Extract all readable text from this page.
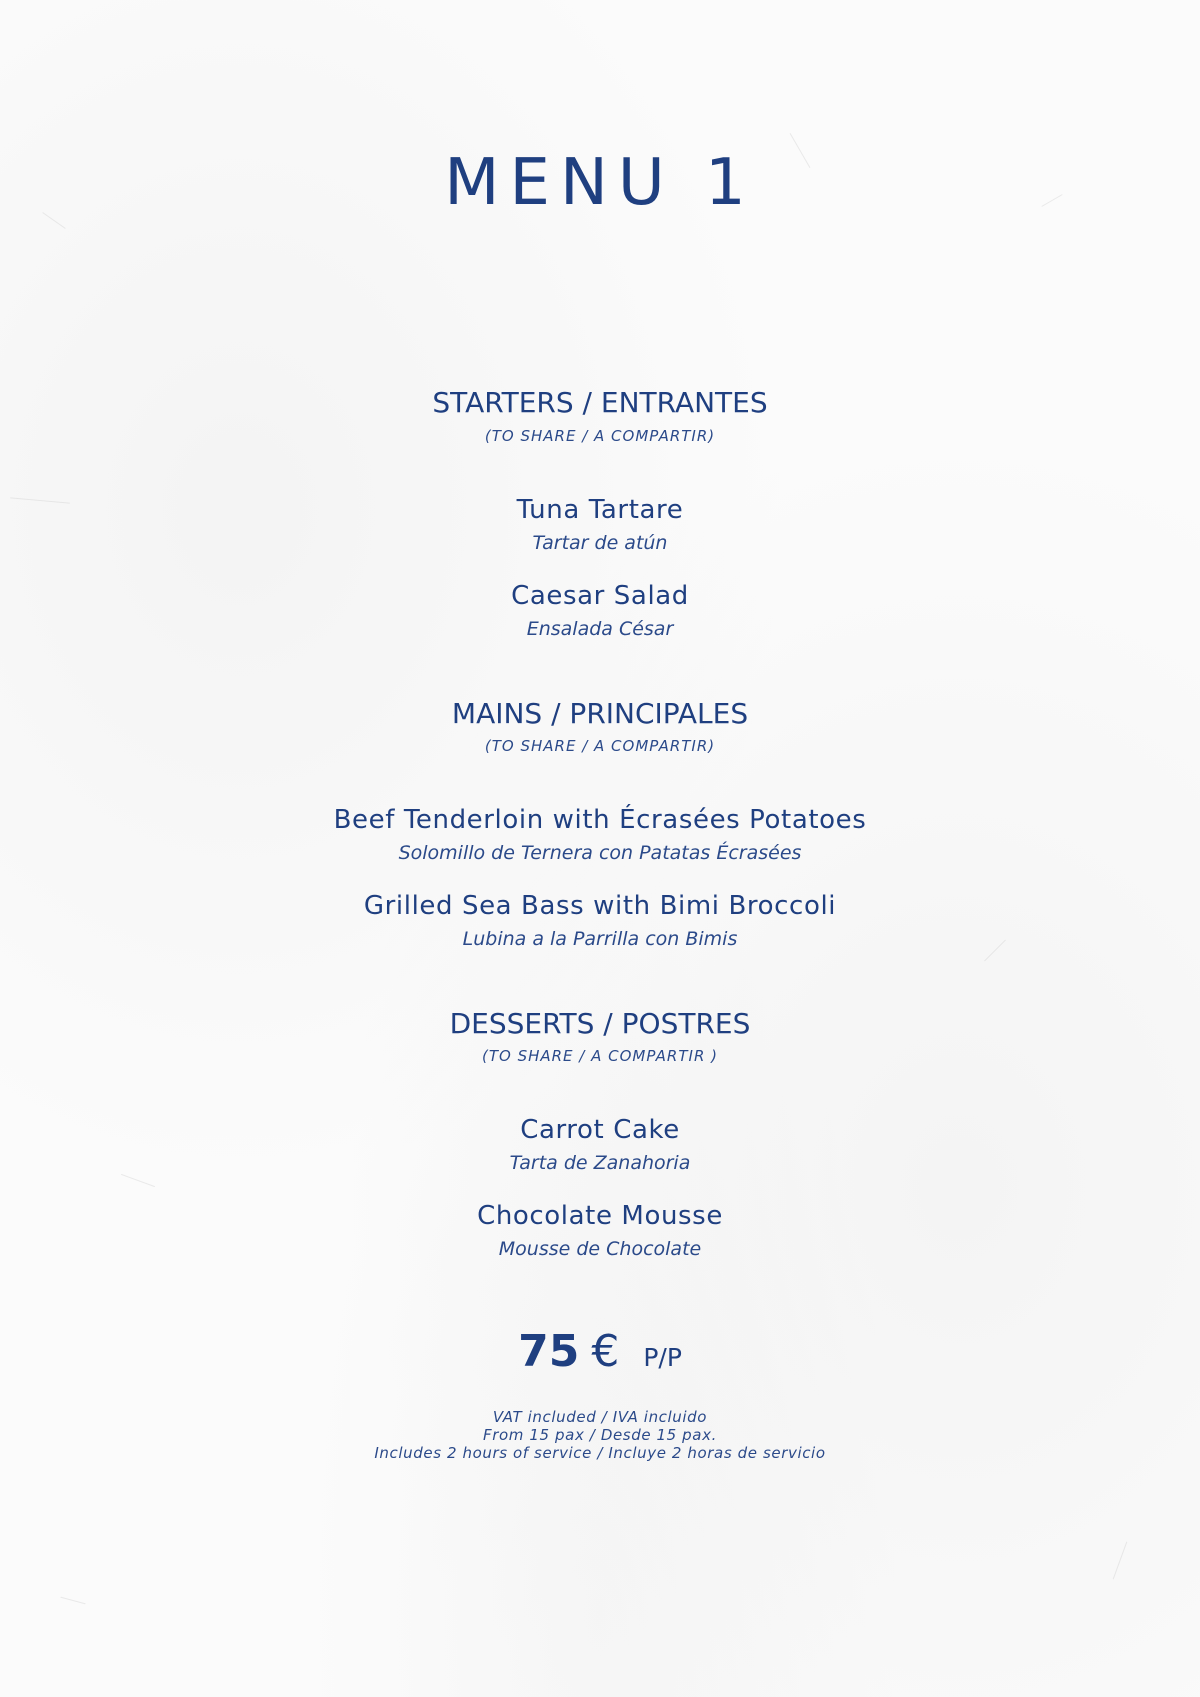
MENU 1
STARTERS / ENTRANTES
(TO SHARE / A COMPARTIR)
Tuna Tartare
Tartar de atún
Caesar Salad
Ensalada César
MAINS / PRINCIPALES
(TO SHARE / A COMPARTIR)
Beef Tenderloin with Écrasées Potatoes
Solomillo de Ternera con Patatas Écrasées
Grilled Sea Bass with Bimi Broccoli
Lubina a la Parrilla con Bimis
DESSERTS / POSTRES
(TO SHARE / A COMPARTIR )
Carrot Cake
Tarta de Zanahoria
Chocolate Mousse
Mousse de Chocolate
75 € P/P
VAT included / IVA incluido
From 15 pax / Desde 15 pax.
Includes 2 hours of service / Incluye 2 horas de servicio
